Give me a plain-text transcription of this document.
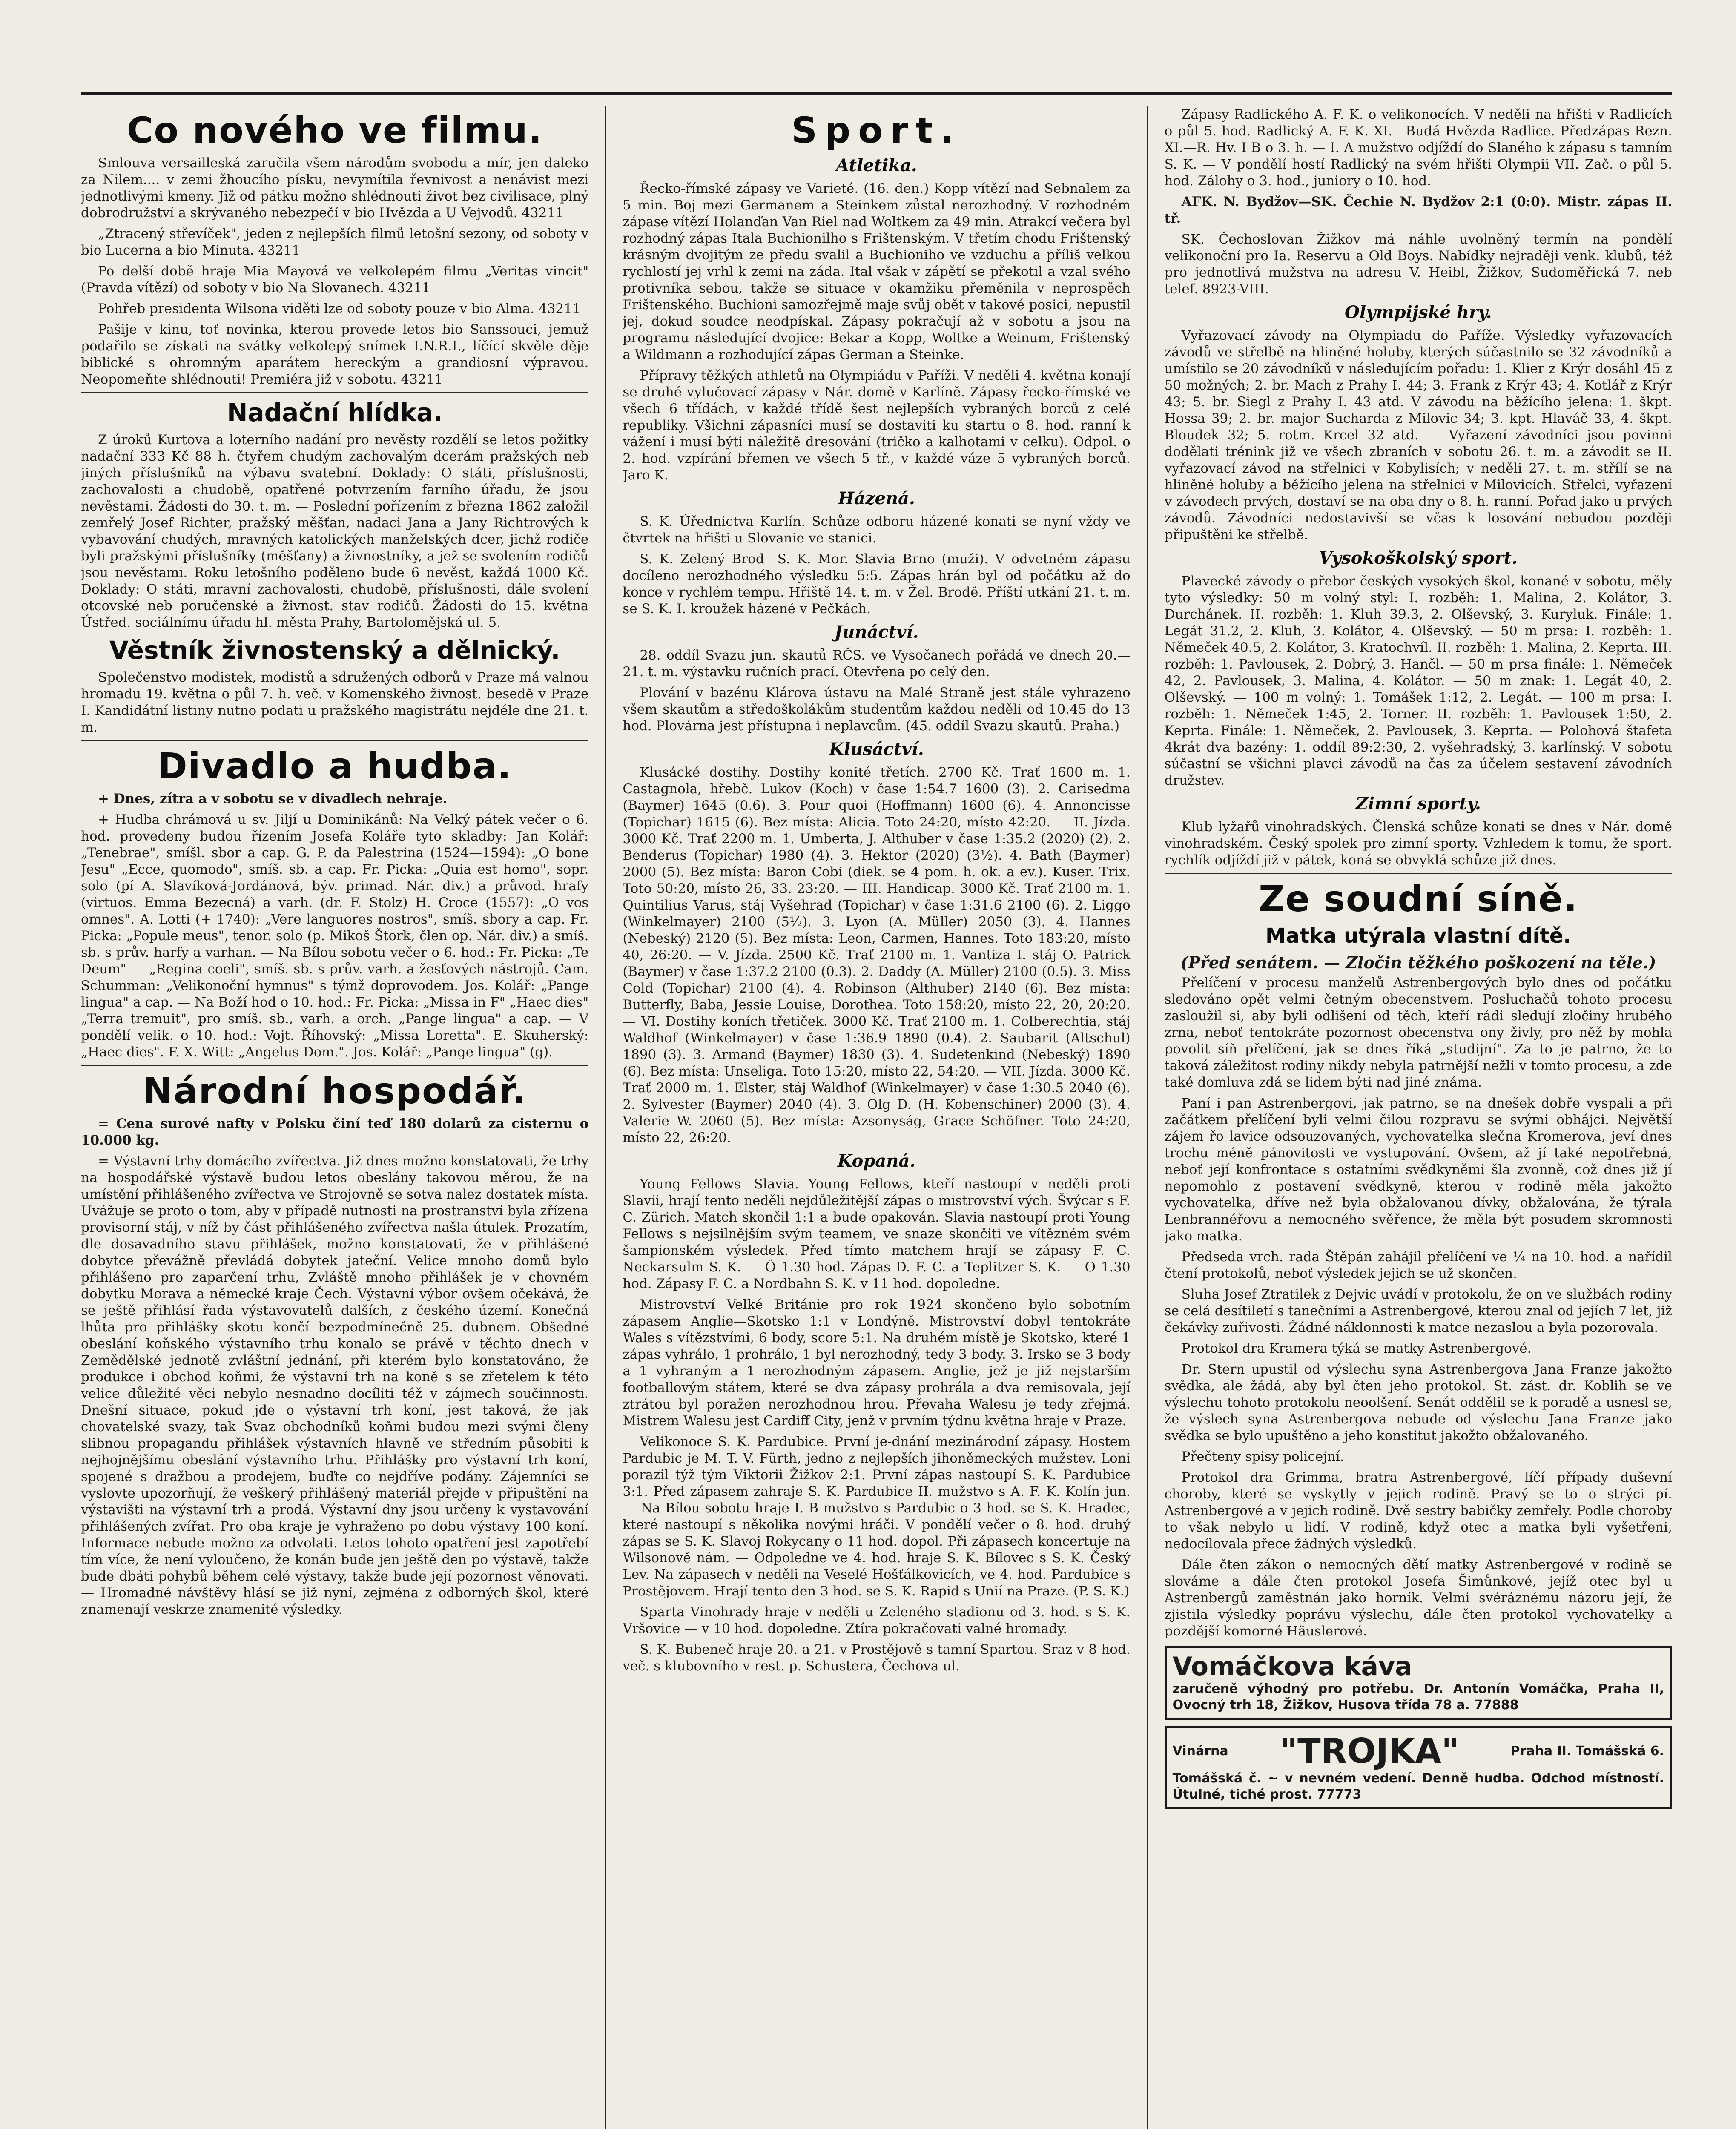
Co nového ve filmu.

Smlouva versailleská zaručila všem národům svobodu a mír, jen daleko za Nilem.... v zemi žhoucího písku, nevymítila řevnivost a nenávist mezi jednotlivými kmeny. Již od pátku možno shlédnouti život bez civilisace, plný dobrodružství a skrývaného nebezpečí v bio Hvězda a U Vejvodů. 43211

„Ztracený střevíček", jeden z nejlepších filmů letošní sezony, od soboty v bio Lucerna a bio Minuta. 43211

Po delší době hraje Mia Mayová ve velkolepém filmu „Veritas vincit" (Pravda vítězí) od soboty v bio Na Slovanech. 43211

Pohřeb presidenta Wilsona viděti lze od soboty pouze v bio Alma. 43211

Pašije v kinu, toť novinka, kterou provede letos bio Sanssouci, jemuž podařilo se získati na svátky velkolepý snímek I.N.R.I., líčící skvěle děje biblické s ohromným aparátem hereckým a grandiosní výpravou. Neopomeňte shlédnouti! Premiéra již v sobotu. 43211

Nadační hlídka.

Z úroků Kurtova a loterního nadání pro nevěsty rozdělí se letos požitky nadační 333 Kč 88 h. čtyřem chudým zachovalým dcerám pražských neb jiných příslušníků na výbavu svatební. Doklady: O státi, příslušnosti, zachovalosti a chudobě, opatřené potvrzením farního úřadu, že jsou nevěstami. Žádosti do 30. t. m. — Poslední pořízením z března 1862 založil zemřelý Josef Richter, pražský měšťan, nadaci Jana a Jany Richtrových k vybavování chudých, mravných katolických manželských dcer, jichž rodiče byli pražskými příslušníky (měšťany) a živnostníky, a jež se svolením rodičů jsou nevěstami. Roku letošního poděleno bude 6 nevěst, každá 1000 Kč. Doklady: O státi, mravní zachovalosti, chudobě, příslušnosti, dále svolení otcovské neb poručenské a živnost. stav rodičů. Žádosti do 15. května Ústřed. sociálnímu úřadu hl. města Prahy, Bartolomějská ul. 5.

Věstník živnostenský a dělnický.

Společenstvo modistek, modistů a sdružených odborů v Praze má valnou hromadu 19. května o půl 7. h. več. v Komenského živnost. besedě v Praze I. Kandidátní listiny nutno podati u pražského magistrátu nejdéle dne 21. t. m.

Divadlo a hudba.

+ Dnes, zítra a v sobotu se v divadlech nehraje.

+ Hudba chrámová u sv. Jiljí u Dominikánů: Na Velký pátek večer o 6. hod. provedeny budou řízením Josefa Koláře tyto skladby: Jan Kolář: „Tenebrae", smíšl. sbor a cap. G. P. da Palestrina (1524—1594): „O bone Jesu" „Ecce, quomodo", smíš. sb. a cap. Fr. Picka: „Quia est homo", sopr. solo (pí A. Slavíková-Jordánová, býv. primad. Nár. div.) a průvod. hrafy (virtuos. Emma Bezecná) a varh. (dr. F. Stolz) H. Croce (1557): „O vos omnes". A. Lotti (+ 1740): „Vere languores nostros", smíš. sbory a cap. Fr. Picka: „Popule meus", tenor. solo (p. Mikoš Štork, člen op. Nár. div.) a smíš. sb. s prův. harfy a varhan. — Na Bílou sobotu večer o 6. hod.: Fr. Picka: „Te Deum" — „Regina coeli", smíš. sb. s prův. varh. a žesťových nástrojů. Cam. Schumman: „Velikonoční hymnus" s týmž doprovodem. Jos. Kolář: „Pange lingua" a cap. — Na Boží hod o 10. hod.: Fr. Picka: „Missa in F" „Haec dies" „Terra tremuit", pro smíš. sb., varh. a orch. „Pange lingua" a cap. — V pondělí velik. o 10. hod.: Vojt. Říhovský: „Missa Loretta". E. Skuherský: „Haec dies". F. X. Witt: „Angelus Dom.". Jos. Kolář: „Pange lingua" (g).

Národní hospodář.

= Cena surové nafty v Polsku činí teď 180 dolarů za cisternu o 10.000 kg.

= Výstavní trhy domácího zvířectva. Již dnes možno konstatovati, že trhy na hospodářské výstavě budou letos obeslány takovou měrou, že na umístění přihlášeného zvířectva ve Strojovně se sotva nalez dostatek místa. Uvážuje se proto o tom, aby v případě nutnosti na prostranství byla zřízena provisorní stáj, v níž by část přihlášeného zvířectva našla útulek. Prozatím, dle dosavadního stavu přihlášek, možno konstatovati, že v přihlášené dobytce převážně převládá dobytek jateční. Velice mnoho domů bylo přihlášeno pro zaparčení trhu, Zvláště mnoho přihlášek je v chovném dobytku Morava a německé kraje Čech. Výstavní výbor ovšem očekává, že se ještě přihlásí řada výstavovatelů dalších, z českého území. Konečná lhůta pro přihlášky skotu končí bezpodmínečně 25. dubnem. Obšedné obeslání koňského výstavního trhu konalo se právě v těchto dnech v Zemědělské jednotě zvláštní jednání, při kterém bylo konstatováno, že produkce i obchod koňmi, že výstavní trh na koně s se zřetelem k této velice důležité věci nebylo nesnadno docíliti též v zájmech součinnosti. Dnešní situace, pokud jde o výstavní trh koní, jest taková, že jak chovatelské svazy, tak Svaz obchodníků koňmi budou mezi svými členy slibnou propagandu přihlášek výstavních hlavně ve středním působiti k nejhojnějšímu obeslání výstavního trhu. Přihlášky pro výstavní trh koní, spojené s dražbou a prodejem, buďte co nejdříve podány. Zájemníci se vyslovte upozorňují, že veškerý přihlášený materiál přejde v připuštění na výstavišti na výstavní trh a prodá. Výstavní dny jsou určeny k vystavování přihlášených zvířat. Pro oba kraje je vyhraženo po dobu výstavy 100 koní. Informace nebude možno za odvolati. Letos tohoto opatření jest zapotřebí tím více, že není vyloučeno, že konán bude jen ještě den po výstavě, takže bude dbáti pohybů během celé výstavy, takže bude její pozornost věnovati. — Hromadné návštěvy hlásí se již nyní, zejména z odborných škol, které znamenají veskrze znamenité výsledky.

Sport.
Atletika.

Řecko-římské zápasy ve Varieté. (16. den.) Kopp vítězí nad Sebnalem za 5 min. Boj mezi Germanem a Steinkem zůstal nerozhodný. V rozhodném zápase vítězí Holanďan Van Riel nad Woltkem za 49 min. Atrakcí večera byl rozhodný zápas Itala Buchionilho s Frištenským. V třetím chodu Frištenský krásným dvojitým ze předu svalil a Buchioniho ve vzduchu a příliš velkou rychlostí jej vrhl k zemi na záda. Ital však v zápětí se překotil a vzal svého protivníka sebou, takže se situace v okamžiku přeměnila v neprospěch Frištenského. Buchioni samozřejmě maje svůj obět v takové posici, nepustil jej, dokud soudce neodpískal. Zápasy pokračují až v sobotu a jsou na programu následující dvojice: Bekar a Kopp, Woltke a Weinum, Frištenský a Wildmann a rozhodující zápas German a Steinke.

Přípravy těžkých athletů na Olympiádu v Paříži. V neděli 4. května konají se druhé vylučovací zápasy v Nár. domě v Karlíně. Zápasy řecko-římské ve všech 6 třídách, v každé třídě šest nejlepších vybraných borců z celé republiky. Všichni zápasníci musí se dostaviti ku startu o 8. hod. ranní k vážení i musí býti náležitě dresování (tričko a kalhotami v celku). Odpol. o 2. hod. vzpírání břemen ve všech 5 tř., v každé váze 5 vybraných borců. Jaro K.

Házená.

S. K. Úřednictva Karlín. Schůze odboru házené konati se nyní vždy ve čtvrtek na hřišti u Slovanie ve stanici.

S. K. Zelený Brod—S. K. Mor. Slavia Brno (muži). V odvetném zápasu docíleno nerozhodného výsledku 5:5. Zápas hrán byl od počátku až do konce v rychlém tempu. Hřiště 14. t. m. v Žel. Brodě. Příští utkání 21. t. m. se S. K. I. kroužek házené v Pečkách.

Junáctví.

28. oddíl Svazu jun. skautů RČS. ve Vysočanech pořádá ve dnech 20.—21. t. m. výstavku ručních prací. Otevřena po celý den.

Plování v bazénu Klárova ústavu na Malé Straně jest stále vyhrazeno všem skautům a středoškolákům studentům každou neděli od 10.45 do 13 hod. Plovárna jest přístupna i neplavcům. (45. oddíl Svazu skautů. Praha.)

Klusáctví.

Klusácké dostihy. Dostihy konité třetích. 2700 Kč. Trať 1600 m. 1. Castagnola, hřebč. Lukov (Koch) v čase 1:54.7 1600 (3). 2. Carisedma (Baymer) 1645 (0.6). 3. Pour quoi (Hoffmann) 1600 (6). 4. Annoncisse (Topichar) 1615 (6). Bez místa: Alicia. Toto 24:20, místo 42:20. — II. Jízda. 3000 Kč. Trať 2200 m. 1. Umberta, J. Althuber v čase 1:35.2 (2020) (2). 2. Benderus (Topichar) 1980 (4). 3. Hektor (2020) (3½). 4. Bath (Baymer) 2000 (5). Bez místa: Baron Cobi (diek. se 4 pom. h. ok. a ev.). Kuser. Trix. Toto 50:20, místo 26, 33. 23:20. — III. Handicap. 3000 Kč. Trať 2100 m. 1. Quintilius Varus, stáj Vyšehrad (Topichar) v čase 1:31.6 2100 (6). 2. Liggo (Winkelmayer) 2100 (5½). 3. Lyon (A. Müller) 2050 (3). 4. Hannes (Nebeský) 2120 (5). Bez místa: Leon, Carmen, Hannes. Toto 183:20, místo 40, 26:20. — V. Jízda. 2500 Kč. Trať 2100 m. 1. Vantiza I. stáj O. Patrick (Baymer) v čase 1:37.2 2100 (0.3). 2. Daddy (A. Müller) 2100 (0.5). 3. Miss Cold (Topichar) 2100 (4). 4. Robinson (Althuber) 2140 (6). Bez místa: Butterfly, Baba, Jessie Louise, Dorothea. Toto 158:20, místo 22, 20, 20:20. — VI. Dostihy koních třetiček. 3000 Kč. Trať 2100 m. 1. Colberechtia, stáj Waldhof (Winkelmayer) v čase 1:36.9 1890 (0.4). 2. Saubarit (Altschul) 1890 (3). 3. Armand (Baymer) 1830 (3). 4. Sudetenkind (Nebeský) 1890 (6). Bez místa: Unseliga. Toto 15:20, místo 22, 54:20. — VII. Jízda. 3000 Kč. Trať 2000 m. 1. Elster, stáj Waldhof (Winkelmayer) v čase 1:30.5 2040 (6). 2. Sylvester (Baymer) 2040 (4). 3. Olg D. (H. Kobenschiner) 2000 (3). 4. Valerie W. 2060 (5). Bez místa: Azsonyság, Grace Schöfner. Toto 24:20, místo 22, 26:20.

Kopaná.

Young Fellows—Slavia. Young Fellows, kteří nastoupí v neděli proti Slavii, hrají tento neděli nejdůležitější zápas o mistrovství vých. Švýcar s F. C. Zürich. Match skončil 1:1 a bude opakován. Slavia nastoupí proti Young Fellows s nejsilnějším svým teamem, ve snaze skončiti ve vítězném svém šampionském výsledek. Před tímto matchem hrají se zápasy F. C. Neckarsulm S. K. — Ö 1.30 hod. Zápas D. F. C. a Teplitzer S. K. — O 1.30 hod. Zápasy F. C. a Nordbahn S. K. v 11 hod. dopoledne.

Mistrovství Velké Británie pro rok 1924 skončeno bylo sobotním zápasem Anglie—Skotsko 1:1 v Londýně. Mistrovství dobyl tentokráte Wales s vítězstvími, 6 body, score 5:1. Na druhém místě je Skotsko, které 1 zápas vyhrálo, 1 prohrálo, 1 byl nerozhodný, tedy 3 body. 3. Irsko se 3 body a 1 vyhraným a 1 nerozhodným zápasem. Anglie, jež je již nejstarším footballovým státem, které se dva zápasy prohrála a dva remisovala, její ztrátou byl poražen nerozhodnou hrou. Převaha Walesu je tedy zřejmá. Mistrem Walesu jest Cardiff City, jenž v prvním týdnu května hraje v Praze.

Velikonoce S. K. Pardubice. První je-dnání mezinárodní zápasy. Hostem Pardubic je M. T. V. Fürth, jedno z nejlepších jihoněmeckých mužstev. Loni porazil týž tým Viktorii Žižkov 2:1. První zápas nastoupí S. K. Pardubice 3:1. Před zápasem zahraje S. K. Pardubice II. mužstvo s A. F. K. Kolín jun. — Na Bílou sobotu hraje I. B mužstvo s Pardubic o 3 hod. se S. K. Hradec, které nastoupí s několika novými hráči. V pondělí večer o 8. hod. druhý zápas se S. K. Slavoj Rokycany o 11 hod. dopol. Při zápasech koncertuje na Wilsonově nám. — Odpoledne ve 4. hod. hraje S. K. Bílovec s S. K. Český Lev. Na zápasech v neděli na Veselé Hošťálkovicích, ve 4. hod. Pardubice s Prostějovem. Hrají tento den 3 hod. se S. K. Rapid s Unií na Praze. (P. S. K.)

Sparta Vinohrady hraje v neděli u Zeleného stadionu od 3. hod. s S. K. Vršovice — v 10 hod. dopoledne. Ztíra pokračovati valné hromady.

S. K. Bubeneč hraje 20. a 21. v Prostějově s tamní Spartou. Sraz v 8 hod. več. s klubovního v rest. p. Schustera, Čechova ul.

Zápasy Radlického A. F. K. o velikonocích. V neděli na hřišti v Radlicích o půl 5. hod. Radlický A. F. K. XI.—Budá Hvězda Radlice. Předzápas Rezn. XI.—R. Hv. I B o 3. h. — I. A mužstvo odjíždí do Slaného k zápasu s tamním S. K. — V pondělí hostí Radlický na svém hřišti Olympii VII. Zač. o půl 5. hod. Zálohy o 3. hod., juniory o 10. hod.

AFK. N. Bydžov—SK. Čechie N. Bydžov 2:1 (0:0). Mistr. zápas II. tř.

SK. Čechoslovan Žižkov má náhle uvolněný termín na pondělí velikonoční pro Ia. Reservu a Old Boys. Nabídky nejraději venk. klubů, též pro jednotlivá mužstva na adresu V. Heibl, Žižkov, Sudoměřická 7. neb telef. 8923-VIII.

Olympijské hry.

Vyřazovací závody na Olympiadu do Paříže. Výsledky vyřazovacích závodů ve střelbě na hliněné holuby, kterých súčastnilo se 32 závodníků a umístilo se 20 závodníků v následujícím pořadu: 1. Klier z Krýr dosáhl 45 z 50 možných; 2. br. Mach z Prahy I. 44; 3. Frank z Krýr 43; 4. Kotlář z Krýr 43; 5. br. Siegl z Prahy I. 43 atd. V závodu na běžícího jelena: 1. škpt. Hossa 39; 2. br. major Suchardа z Milovic 34; 3. kpt. Hlaváč 33, 4. škpt. Bloudek 32; 5. rotm. Krcel 32 atd. — Vyřazení závodníci jsou povinni dodělati trénink již ve všech zbraních v sobotu 26. t. m. a závodit se II. vyřazovací závod na střelnici v Kobylisích; v neděli 27. t. m. střílí se na hliněné holuby a běžícího jelena na střelnici v Milovicích. Střelci, vyřazení v závodech prvých, dostaví se na oba dny o 8. h. ranní. Pořad jako u prvých závodů. Závodníci nedostavivší se včas k losování nebudou později připuštěni ke střelbě.

Vysokoškolský sport.

Plavecké závody o přebor českých vysokých škol, konané v sobotu, měly tyto výsledky: 50 m volný styl: I. rozběh: 1. Malina, 2. Kolátor, 3. Durchánek. II. rozběh: 1. Kluh 39.3, 2. Olševský, 3. Kuryluk. Finále: 1. Legát 31.2, 2. Kluh, 3. Kolátor, 4. Olševský. — 50 m prsa: I. rozběh: 1. Němeček 40.5, 2. Kolátor, 3. Kratochvíl. II. rozběh: 1. Malina, 2. Keprta. III. rozběh: 1. Pavlousek, 2. Dobrý, 3. Hančl. — 50 m prsa finále: 1. Němeček 42, 2. Pavlousek, 3. Malina, 4. Kolátor. — 50 m znak: 1. Legát 40, 2. Olševský. — 100 m volný: 1. Tomášek 1:12, 2. Legát. — 100 m prsa: I. rozběh: 1. Němeček 1:45, 2. Torner. II. rozběh: 1. Pavlousek 1:50, 2. Keprta. Finále: 1. Němeček, 2. Pavlousek, 3. Keprta. — Polohová štafeta 4krát dva bazény: 1. oddíl 89:2:30, 2. vyšehradský, 3. karlínský. V sobotu súčastní se všichni plavci závodů na čas za účelem sestavení závodních družstev.

Zimní sporty.

Klub lyžařů vinohradských. Členská schůze konati se dnes v Nár. domě vinohradském. Český spolek pro zimní sporty. Vzhledem k tomu, že sport. rychlík odjíždí již v pátek, koná se obvyklá schůze již dnes.

Ze soudní síně.
Matka utýrala vlastní dítě.
(Před senátem. — Zločin těžkého poškození na těle.)

Přelíčení v procesu manželů Astrenbergových bylo dnes od počátku sledováno opět velmi četným obecenstvem. Posluchačů tohoto procesu zasloužil si, aby byli odlišeni od těch, kteří rádi sledují zločiny hrubého zrna, neboť tentokráte pozornost obecenstva ony živly, pro něž by mohla povolit síň přelíčení, jak se dnes říká „studijní". Za to je patrno, že to taková záležitost rodiny nikdy nebyla patrnější nežli v tomto procesu, a zde také domluva zdá se lidem býti nad jiné známa.

Paní i pan Astrenbergovi, jak patrno, se na dnešek dobře vyspali a při začátkem přelíčení byli velmi čilou rozpravu se svými obhájci. Největší zájem řo lavice odsouzovaných, vychovatelka slečna Kromerova, jeví dnes trochu méně pánovitosti ve vystupování. Ovšem, až jí také nepotřebná, neboť její konfrontace s ostatními svědkyněmi šla zvonně, což dnes již jí nepomohlo z postavení svědkyně, kterou v rodině měla jakožto vychovatelka, dříve než byla obžalovanou dívky, obžalována, že týrala Lenbrannéřovu a nemocného svěřence, že měla být posudem skromnosti jako matka.

Předseda vrch. rada Štěpán zahájil přelíčení ve ¼ na 10. hod. a nařídil čtení protokolů, neboť výsledek jejich se už skončen.

Sluha Josef Ztratilek z Dejvic uvádí v protokolu, že on ve službách rodiny se celá desítiletí s tanečními a Astrenbergové, kterou znal od jejích 7 let, již čekávky zuřivosti. Žádné náklonnosti k matce nezaslou a byla pozorovala.

Protokol dra Kramera týká se matky Astrenbergové.

Dr. Stern upustil od výslechu syna Astrenbergova Jana Franze jakožto svědka, ale žádá, aby byl čten jeho protokol. St. zást. dr. Koblih se ve výslechu tohoto protokolu neoolšení. Senát oddělil se k poradě a usnesl se, že výslech syna Astrenbergova nebude od výslechu Jana Franze jako svědka se bylo upuštěno a jeho konstitut jakožto obžalovaného.

Přečteny spisy policejní.

Protokol dra Grimma, bratra Astrenbergové, líčí případy duševní choroby, které se vyskytly v jejich rodině. Pravý se to o strýci pí. Astrenbergové a v jejich rodině. Dvě sestry babičky zemřely. Podle choroby to však nebylo u lidí. V rodině, když otec a matka byli vyšetřeni, nedocílovala přece žádných výsledků.

Dále čten zákon o nemocných dětí matky Astrenbergové v rodině se slováme a dále čten protokol Josefa Šimůnkové, jejíž otec byl u Astrenbergů zaměstnán jako horník. Velmi svéráznému názoru její, že zjistila výsledky poprávu výslechu, dále čten protokol vychovatelky a pozdější komorné Häuslerové.

Vomáčkova káva
zaručeně výhodný pro potřebu. Dr. Antonín Vomáčka, Praha II, Ovocný trh 18, Žižkov, Husova třída 78 a. 77888
Vinárna "TROJKA"	Praha II. Tomášská 6.
Tomášská č. ~ v nevném vedení. Denně hudba. Odchod místností. Útulné, tiché prost. 77773
